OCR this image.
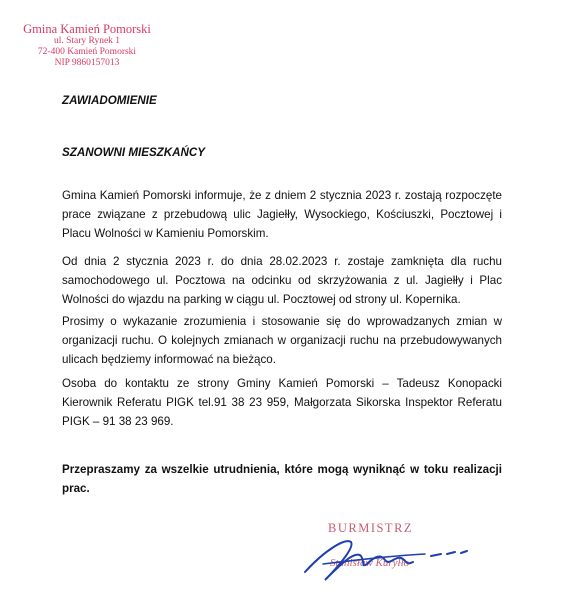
Gmina Kamień Pomorski
ul. Stary Rynek 1
72-400 Kamień Pomorski
NIP 9860157013
ZAWIADOMIENIE
SZANOWNI MIESZKAŃCY

Gmina Kamień Pomorski informuje, że z dniem 2 stycznia 2023 r. zostają rozpoczęte prace związane z przebudową ulic Jagiełły, Wysockiego, Kościuszki, Pocztowej i Placu Wolności w Kamieniu Pomorskim.

Od dnia 2 stycznia 2023 r. do dnia 28.02.2023 r. zostaje zamknięta dla ruchu samochodowego ul. Pocztowa na odcinku od skrzyżowania z ul. Jagiełły i Plac Wolności do wjazdu na parking w ciągu ul. Pocztowej od strony ul. Kopernika.

Prosimy o wykazanie zrozumienia i stosowanie się do wprowadzanych zmian w organizacji ruchu. O kolejnych zmianach w organizacji ruchu na przebudowywanych ulicach będziemy informować na bieżąco.

Osoba do kontaktu ze strony Gminy Kamień Pomorski – Tadeusz Konopacki Kierownik Referatu PIGK tel.91 38 23 959, Małgorzata Sikorska Inspektor Referatu PIGK – 91 38 23 969.

Przepraszamy za wszelkie utrudnienia, które mogą wyniknąć w toku realizacji prac.

BURMISTRZ
Stanisław Kuryłło
